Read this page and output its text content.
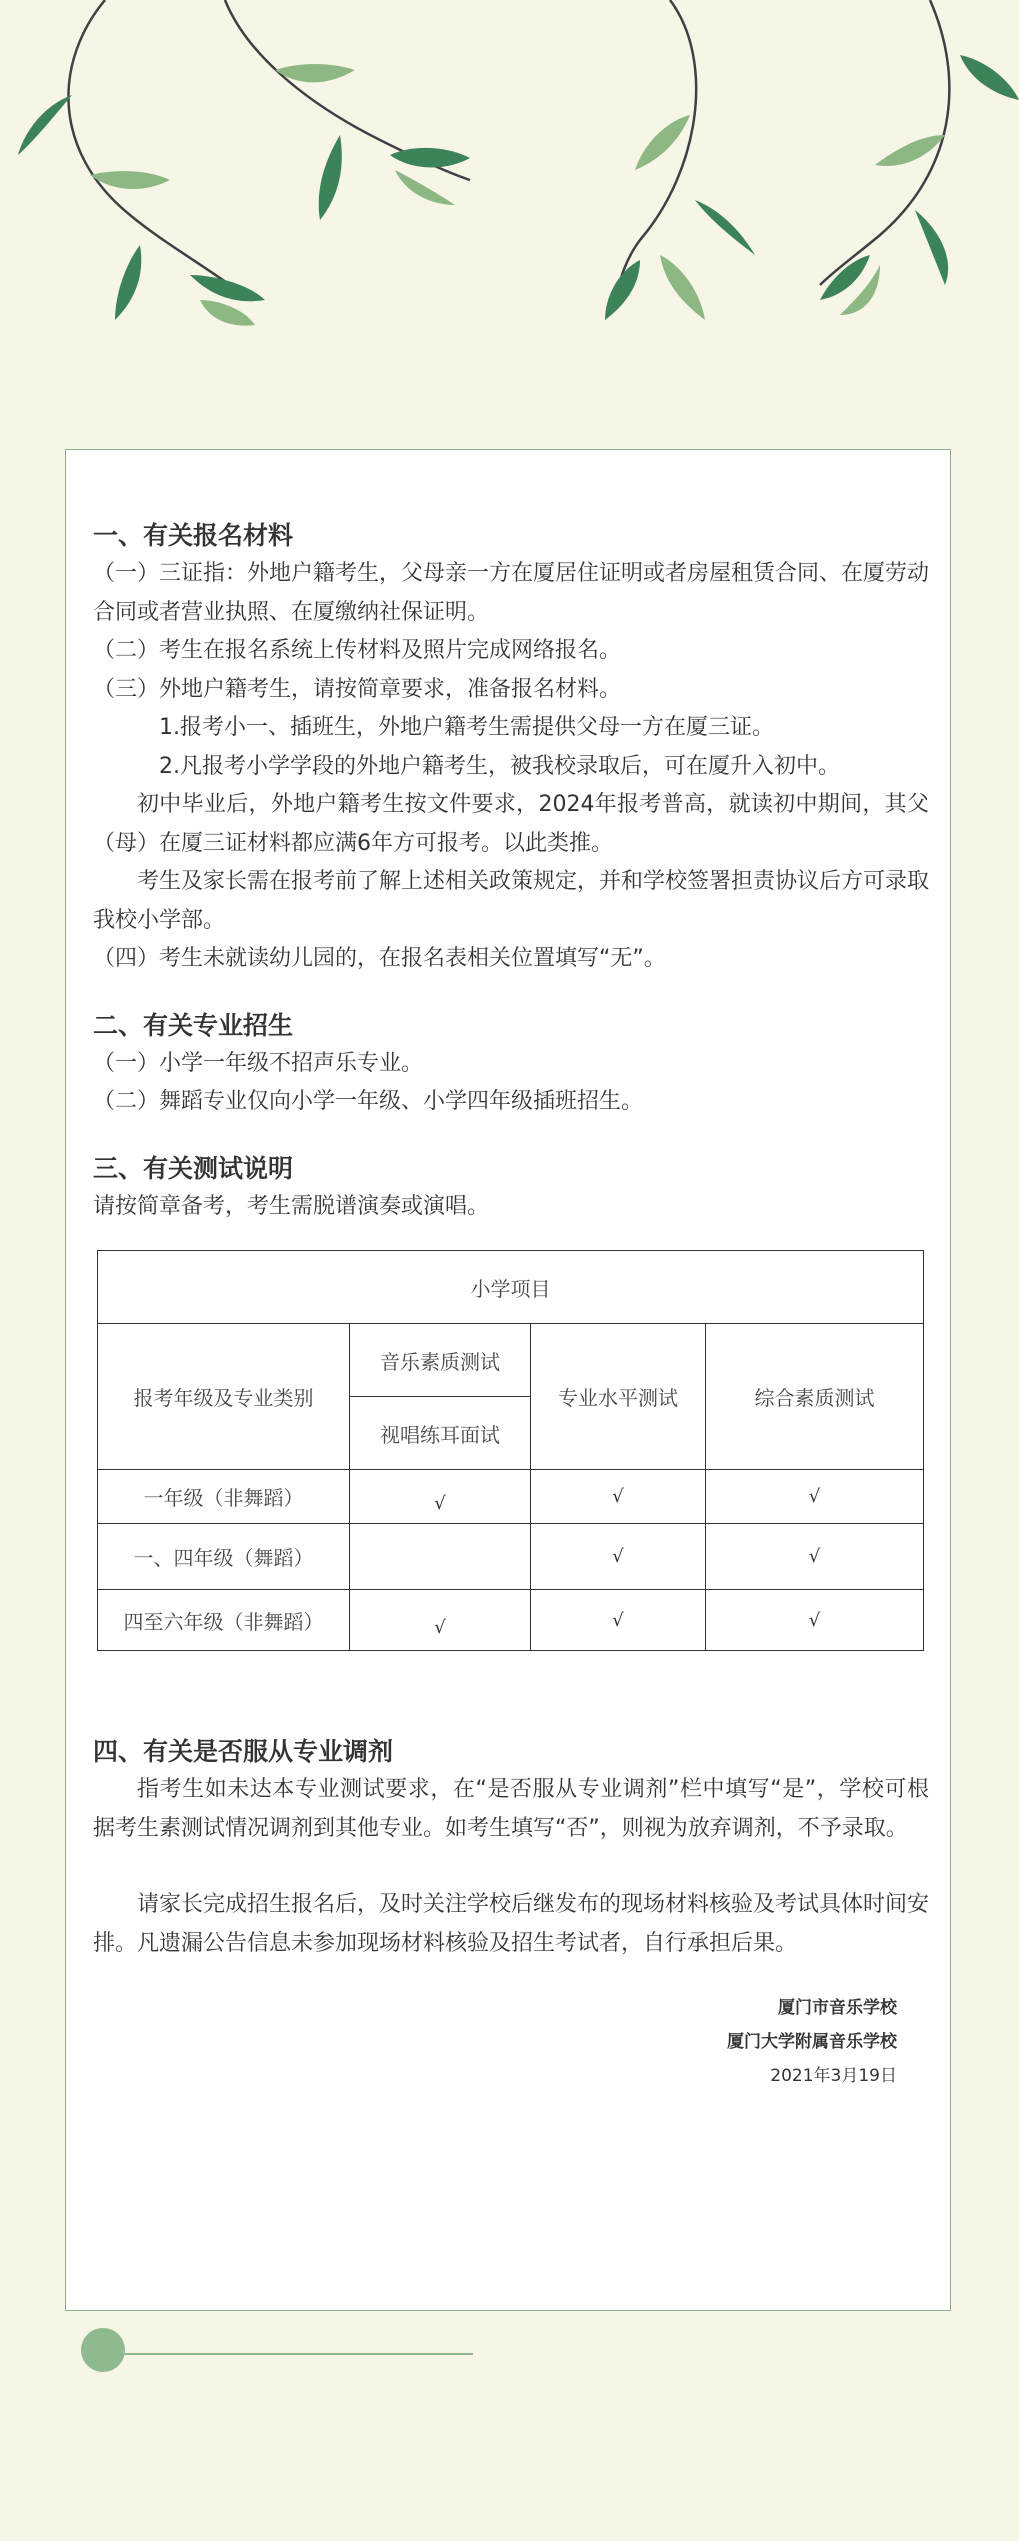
一、有关报名材料

（一）三证指：外地户籍考生，父母亲一方在厦居住证明或者房屋租赁合同、在厦劳动合同或者营业执照、在厦缴纳社保证明。

（二）考生在报名系统上传材料及照片完成网络报名。

（三）外地户籍考生，请按简章要求，准备报名材料。

1.报考小一、插班生，外地户籍考生需提供父母一方在厦三证。

2.凡报考小学学段的外地户籍考生，被我校录取后，可在厦升入初中。

初中毕业后，外地户籍考生按文件要求，2024年报考普高，就读初中期间，其父（母）在厦三证材料都应满6年方可报考。以此类推。

考生及家长需在报考前了解上述相关政策规定，并和学校签署担责协议后方可录取我校小学部。

（四）考生未就读幼儿园的，在报名表相关位置填写“无”。

二、有关专业招生

（一）小学一年级不招声乐专业。

（二）舞蹈专业仅向小学一年级、小学四年级插班招生。

三、有关测试说明

请按简章备考，考生需脱谱演奏或演唱。

小学项目			
报考年级及专业类别	音乐素质测试	专业水平测试	综合素质测试
	视唱练耳面试		
一年级（非舞蹈）	√	√	√
一、四年级（舞蹈）		√	√
四至六年级（非舞蹈）	√	√	√
四、有关是否服从专业调剂

指考生如未达本专业测试要求，在“是否服从专业调剂”栏中填写“是”，学校可根据考生素测试情况调剂到其他专业。如考生填写“否”，则视为放弃调剂，不予录取。

请家长完成招生报名后，及时关注学校后继发布的现场材料核验及考试具体时间安排。凡遗漏公告信息未参加现场材料核验及招生考试者，自行承担后果。

厦门市音乐学校
厦门大学附属音乐学校
2021年3月19日
